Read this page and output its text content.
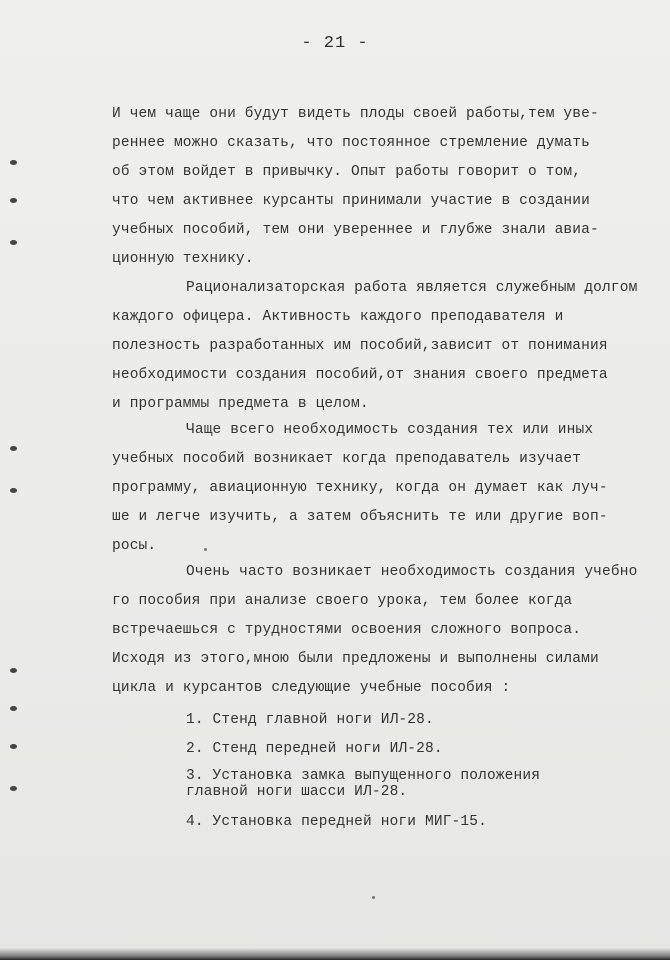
- 21 -
И чем чаще они будут видеть плоды своей работы,тем уве-
реннее можно сказать, что постоянное стремление думать
об этом войдет в привычку. Опыт работы говорит о том,
что чем активнее курсанты принимали участие в создании
учебных пособий, тем они увереннее и глубже знали авиа-
ционную технику.
Рационализаторская работа является служебным долгом
каждого офицера. Активность каждого преподавателя и
полезность разработанных им пособий,зависит от понимания
необходимости создания пособий,от знания своего предмета
и программы предмета в целом.
Чаще всего необходимость создания тех или иных
учебных пособий возникает когда преподаватель изучает
программу, авиационную технику, когда он думает как луч-
ше и легче изучить, а затем объяснить те или другие воп-
росы.
Очень часто возникает необходимость создания учебно
го пособия при анализе своего урока, тем более когда
встречаешься с трудностями освоения сложного вопроса.
Исходя из этого,мною были предложены и выполнены силами
цикла и курсантов следующие учебные пособия :
1. Стенд главной ноги ИЛ-28.
2. Стенд передней ноги ИЛ-28.
3. Установка замка выпущенного положения
главной ноги шасси ИЛ-28.
4. Установка передней ноги МИГ-15.
